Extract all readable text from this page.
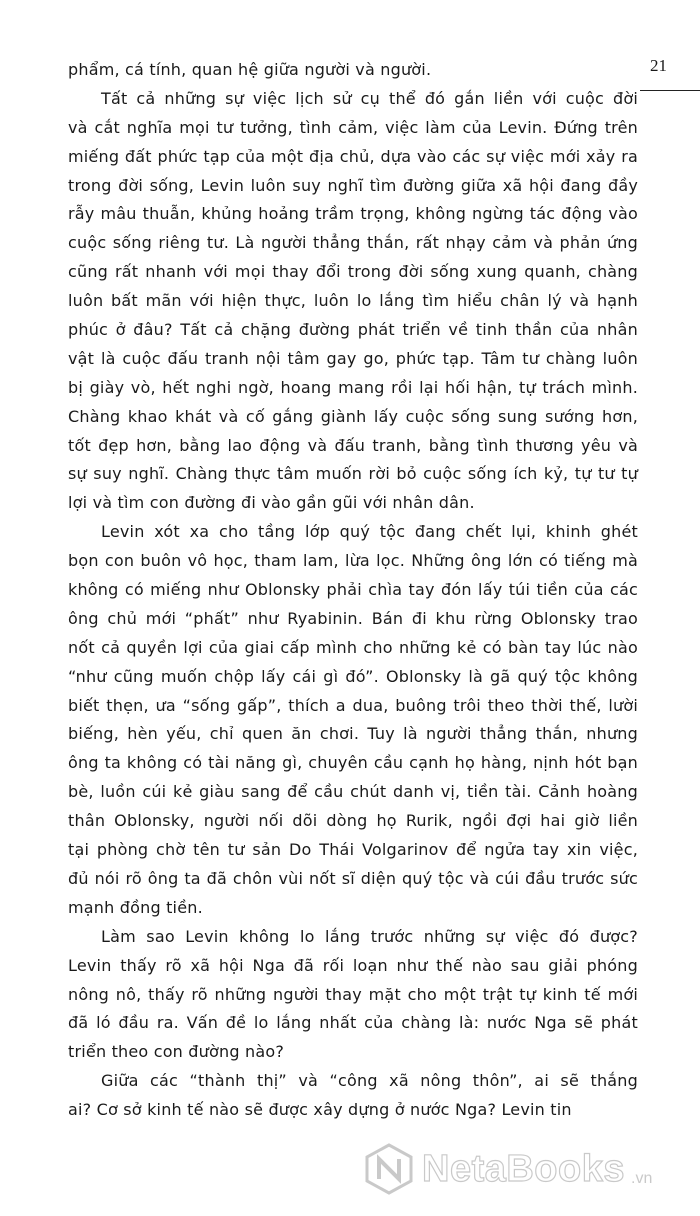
21
phẩm, cá tính, quan hệ giữa người và người.
Tất cả những sự việc lịch sử cụ thể đó gắn liền với cuộc đời
và cắt nghĩa mọi tư tưởng, tình cảm, việc làm của Levin. Đứng trên
miếng đất phức tạp của một địa chủ, dựa vào các sự việc mới xảy ra
trong đời sống, Levin luôn suy nghĩ tìm đường giữa xã hội đang đầy
rẫy mâu thuẫn, khủng hoảng trầm trọng, không ngừng tác động vào
cuộc sống riêng tư. Là người thẳng thắn, rất nhạy cảm và phản ứng
cũng rất nhanh với mọi thay đổi trong đời sống xung quanh, chàng
luôn bất mãn với hiện thực, luôn lo lắng tìm hiểu chân lý và hạnh
phúc ở đâu? Tất cả chặng đường phát triển về tinh thần của nhân
vật là cuộc đấu tranh nội tâm gay go, phức tạp. Tâm tư chàng luôn
bị giày vò, hết nghi ngờ, hoang mang rồi lại hối hận, tự trách mình.
Chàng khao khát và cố gắng giành lấy cuộc sống sung sướng hơn,
tốt đẹp hơn, bằng lao động và đấu tranh, bằng tình thương yêu và
sự suy nghĩ. Chàng thực tâm muốn rời bỏ cuộc sống ích kỷ, tự tư tự
lợi và tìm con đường đi vào gần gũi với nhân dân.
Levin xót xa cho tầng lớp quý tộc đang chết lụi, khinh ghét
bọn con buôn vô học, tham lam, lừa lọc. Những ông lớn có tiếng mà
không có miếng như Oblonsky phải chìa tay đón lấy túi tiền của các
ông chủ mới “phất” như Ryabinin. Bán đi khu rừng Oblonsky trao
nốt cả quyền lợi của giai cấp mình cho những kẻ có bàn tay lúc nào
“như cũng muốn chộp lấy cái gì đó”. Oblonsky là gã quý tộc không
biết thẹn, ưa “sống gấp”, thích a dua, buông trôi theo thời thế, lười
biếng, hèn yếu, chỉ quen ăn chơi. Tuy là người thẳng thắn, nhưng
ông ta không có tài năng gì, chuyên cầu cạnh họ hàng, nịnh hót bạn
bè, luồn cúi kẻ giàu sang để cầu chút danh vị, tiền tài. Cảnh hoàng
thân Oblonsky, người nối dõi dòng họ Rurik, ngồi đợi hai giờ liền
tại phòng chờ tên tư sản Do Thái Volgarinov để ngửa tay xin việc,
đủ nói rõ ông ta đã chôn vùi nốt sĩ diện quý tộc và cúi đầu trước sức
mạnh đồng tiền.
Làm sao Levin không lo lắng trước những sự việc đó được?
Levin thấy rõ xã hội Nga đã rối loạn như thế nào sau giải phóng
nông nô, thấy rõ những người thay mặt cho một trật tự kinh tế mới
đã ló đầu ra. Vấn đề lo lắng nhất của chàng là: nước Nga sẽ phát
triển theo con đường nào?
Giữa các “thành thị” và “công xã nông thôn”, ai sẽ thắng
ai? Cơ sở kinh tế nào sẽ được xây dựng ở nước Nga? Levin tin
NetaBooks .vn
